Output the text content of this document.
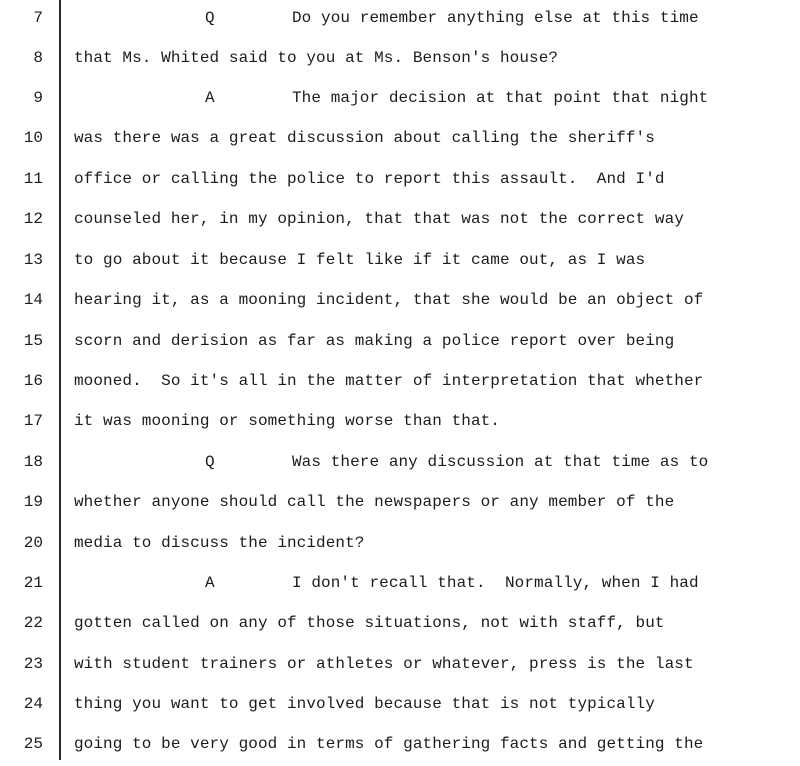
7	Q	Do you remember anything else at this time
8 that Ms. Whited said to you at Ms. Benson's house?
9	A	The major decision at that point that night
10 was there was a great discussion about calling the sheriff's
11 office or calling the police to report this assault.  And I'd
12 counseled her, in my opinion, that that was not the correct way
13 to go about it because I felt like if it came out, as I was
14 hearing it, as a mooning incident, that she would be an object of
15 scorn and derision as far as making a police report over being
16 mooned.  So it's all in the matter of interpretation that whether
17 it was mooning or something worse than that.
18	Q	Was there any discussion at that time as to
19 whether anyone should call the newspapers or any member of the
20 media to discuss the incident?
21	A	I don't recall that.  Normally, when I had
22 gotten called on any of those situations, not with staff, but
23 with student trainers or athletes or whatever, press is the last
24 thing you want to get involved because that is not typically
25 going to be very good in terms of gathering facts and getting the
